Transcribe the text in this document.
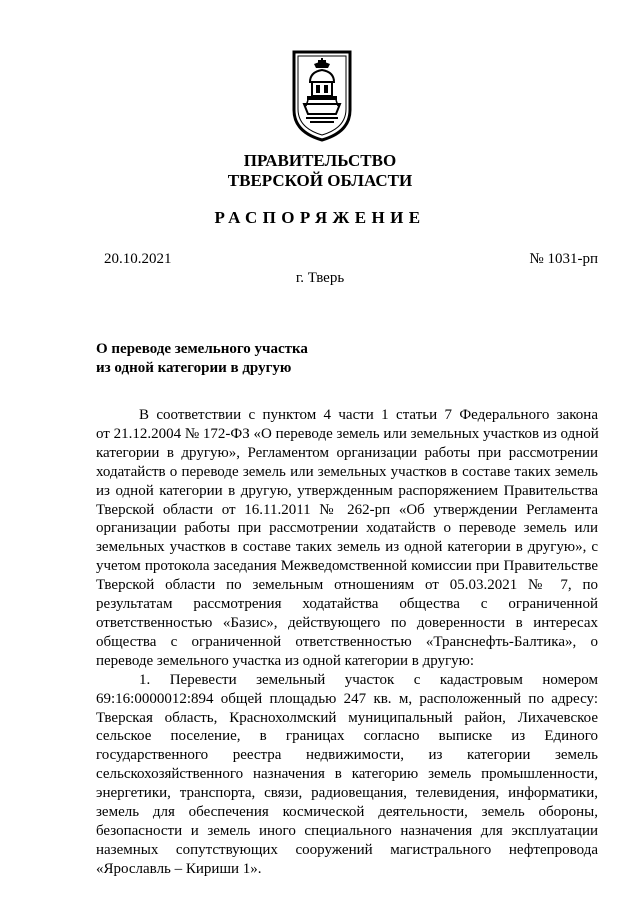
ПРАВИТЕЛЬСТВО
ТВЕРСКОЙ ОБЛАСТИ
РАСПОРЯЖЕНИЕ
20.10.2021	№ 1031-рп
г. Тверь
О переводе земельного участка
из одной категории в другую
В соответствии с пунктом 4 части 1 статьи 7 Федерального закона
от 21.12.2004 № 172-ФЗ «О переводе земель или земельных участков из одной
категории в другую», Регламентом организации работы при рассмотрении
ходатайств о переводе земель или земельных участков в составе таких земель
из одной категории в другую, утвержденным распоряжением Правительства
Тверской области от 16.11.2011 № 262-рп «Об утверждении Регламента
организации работы при рассмотрении ходатайств о переводе земель или
земельных участков в составе таких земель из одной категории в другую», с
учетом протокола заседания Межведомственной комиссии при Правительстве
Тверской области по земельным отношениям от 05.03.2021 № 7, по
результатам рассмотрения ходатайства общества с ограниченной
ответственностью «Базис», действующего по доверенности в интересах
общества с ограниченной ответственностью «Транснефть-Балтика», о
переводе земельного участка из одной категории в другую:
1. Перевести земельный участок с кадастровым номером
69:16:0000012:894 общей площадью 247 кв. м, расположенный по адресу:
Тверская область, Краснохолмский муниципальный район, Лихачевское
сельское поселение, в границах согласно выписке из Единого
государственного реестра недвижимости, из категории земель
сельскохозяйственного назначения в категорию земель промышленности,
энергетики, транспорта, связи, радиовещания, телевидения, информатики,
земель для обеспечения космической деятельности, земель обороны,
безопасности и земель иного специального назначения для эксплуатации
наземных сопутствующих сооружений магистрального нефтепровода
«Ярославль – Кириши 1».
